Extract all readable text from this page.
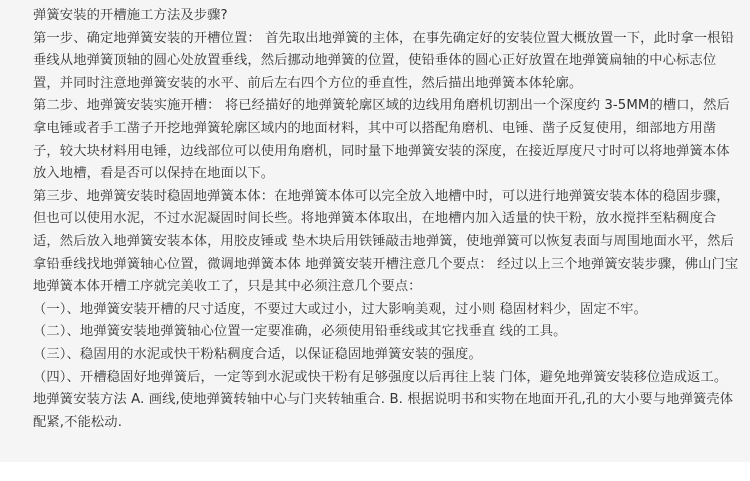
弹簧安装的开槽施工方法及步骤?

第一步、确定地弹簧安装的开槽位置： 首先取出地弹簧的主体，在事先确定好的安装位置大概放置一下，此时拿一根铅垂线从地弹簧顶轴的圆心处放置垂线，然后挪动地弹簧的位置，使铅垂体的圆心正好放置在地弹簧扁轴的中心标志位置，并同时注意地弹簧安装的水平、前后左右四个方位的垂直性，然后描出地弹簧本体轮廓。

第二步、地弹簧安装实施开槽： 将已经描好的地弹簧轮廓区域的边线用角磨机切割出一个深度约 3-5MM的槽口，然后拿电锤或者手工凿子开挖地弹簧轮廓区域内的地面材料，其中可以搭配角磨机、电锤、凿子反复使用，细部地方用凿子，较大块材料用电锤，边线部位可以使用角磨机，同时量下地弹簧安装的深度，在接近厚度尺寸时可以将地弹簧本体放入地槽，看是否可以保持在地面以下。

第三步、地弹簧安装时稳固地弹簧本体：在地弹簧本体可以完全放入地槽中时，可以进行地弹簧安装本体的稳固步骤，但也可以使用水泥，不过水泥凝固时间长些。将地弹簧本体取出，在地槽内加入适量的快干粉，放水搅拌至粘稠度合适，然后放入地弹簧安装本体，用胶皮锤或 垫木块后用铁锤敲击地弹簧，使地弹簧可以恢复表面与周围地面水平，然后拿铅垂线找地弹簧轴心位置，微调地弹簧本体 地弹簧安装开槽注意几个要点： 经过以上三个地弹簧安装步骤，佛山门宝地弹簧本体开槽工序就完美收工了，只是其中必须注意几个要点：

（一）、地弹簧安装开槽的尺寸适度，不要过大或过小，过大影响美观，过小则 稳固材料少，固定不牢。

（二）、地弹簧安装地弹簧轴心位置一定要准确，必须使用铅垂线或其它找垂直 线的工具。

（三）、稳固用的水泥或快干粉粘稠度合适，以保证稳固地弹簧安装的强度。

（四）、开槽稳固好地弹簧后，一定等到水泥或快干粉有足够强度以后再往上装 门体，避免地弹簧安装移位造成返工。 地弹簧安装方法 A. 画线,使地弹簧转轴中心与门夹转轴重合. B. 根据说明书和实物在地面开孔,孔的大小要与地弹簧壳体配紧,不能松动.
